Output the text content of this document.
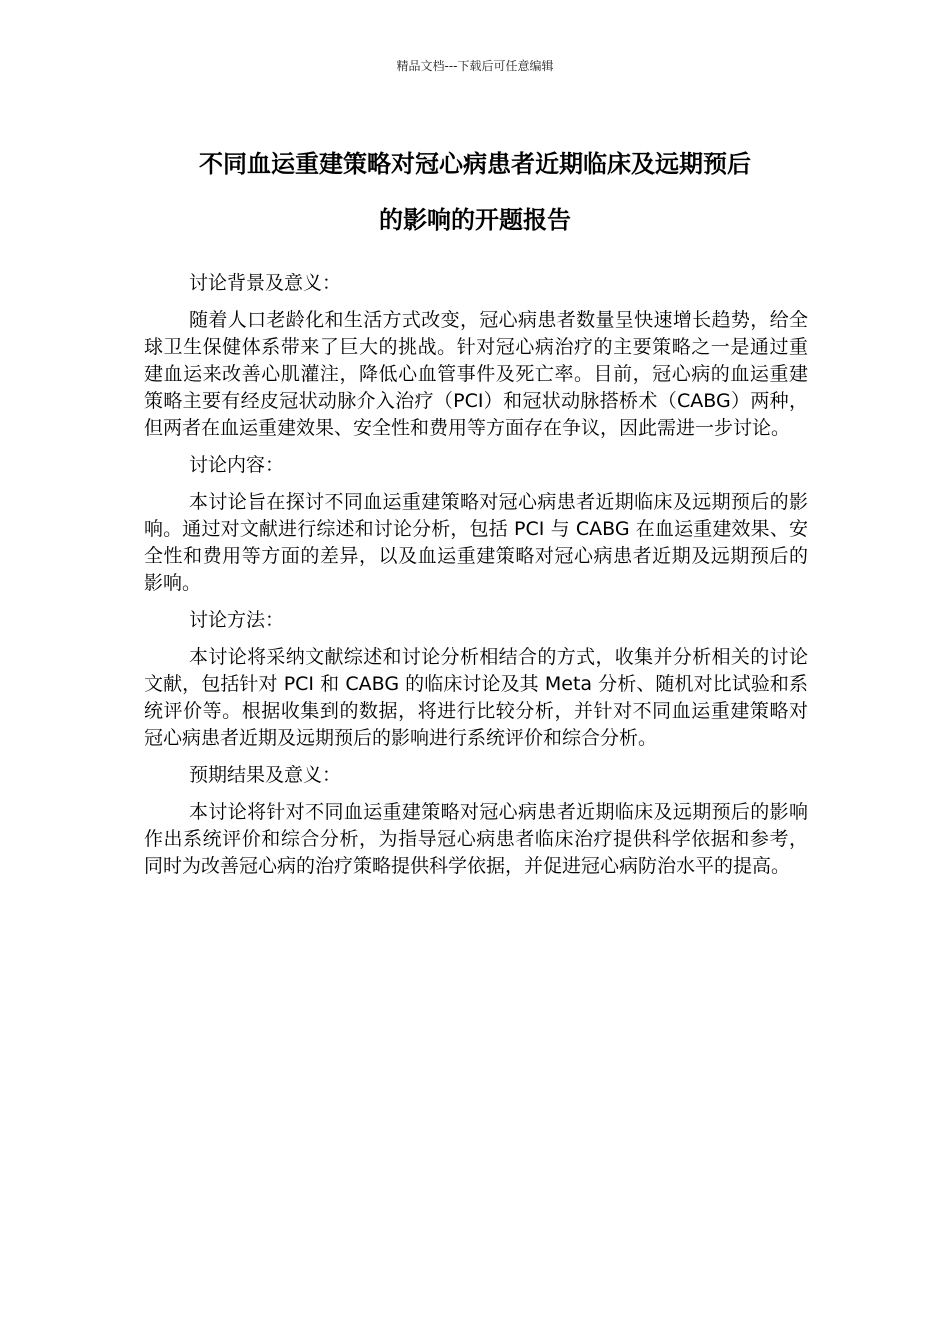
精品文档---下载后可任意编辑
不同血运重建策略对冠心病患者近期临床及远期预后
的影响的开题报告

讨论背景及意义：

随着人口老龄化和生活方式改变，冠心病患者数量呈快速增长趋势，给全球卫生保健体系带来了巨大的挑战。针对冠心病治疗的主要策略之一是通过重建血运来改善心肌灌注，降低心血管事件及死亡率。目前，冠心病的血运重建策略主要有经皮冠状动脉介入治疗（PCI）和冠状动脉搭桥术（CABG）两种，但两者在血运重建效果、安全性和费用等方面存在争议，因此需进一步讨论。

讨论内容：

本讨论旨在探讨不同血运重建策略对冠心病患者近期临床及远期预后的影响。通过对文献进行综述和讨论分析，包括 PCI 与 CABG 在血运重建效果、安全性和费用等方面的差异，以及血运重建策略对冠心病患者近期及远期预后的影响。

讨论方法：

本讨论将采纳文献综述和讨论分析相结合的方式，收集并分析相关的讨论文献，包括针对 PCI 和 CABG 的临床讨论及其 Meta 分析、随机对比试验和系统评价等。根据收集到的数据，将进行比较分析，并针对不同血运重建策略对冠心病患者近期及远期预后的影响进行系统评价和综合分析。

预期结果及意义：

本讨论将针对不同血运重建策略对冠心病患者近期临床及远期预后的影响作出系统评价和综合分析，为指导冠心病患者临床治疗提供科学依据和参考，同时为改善冠心病的治疗策略提供科学依据，并促进冠心病防治水平的提高。
